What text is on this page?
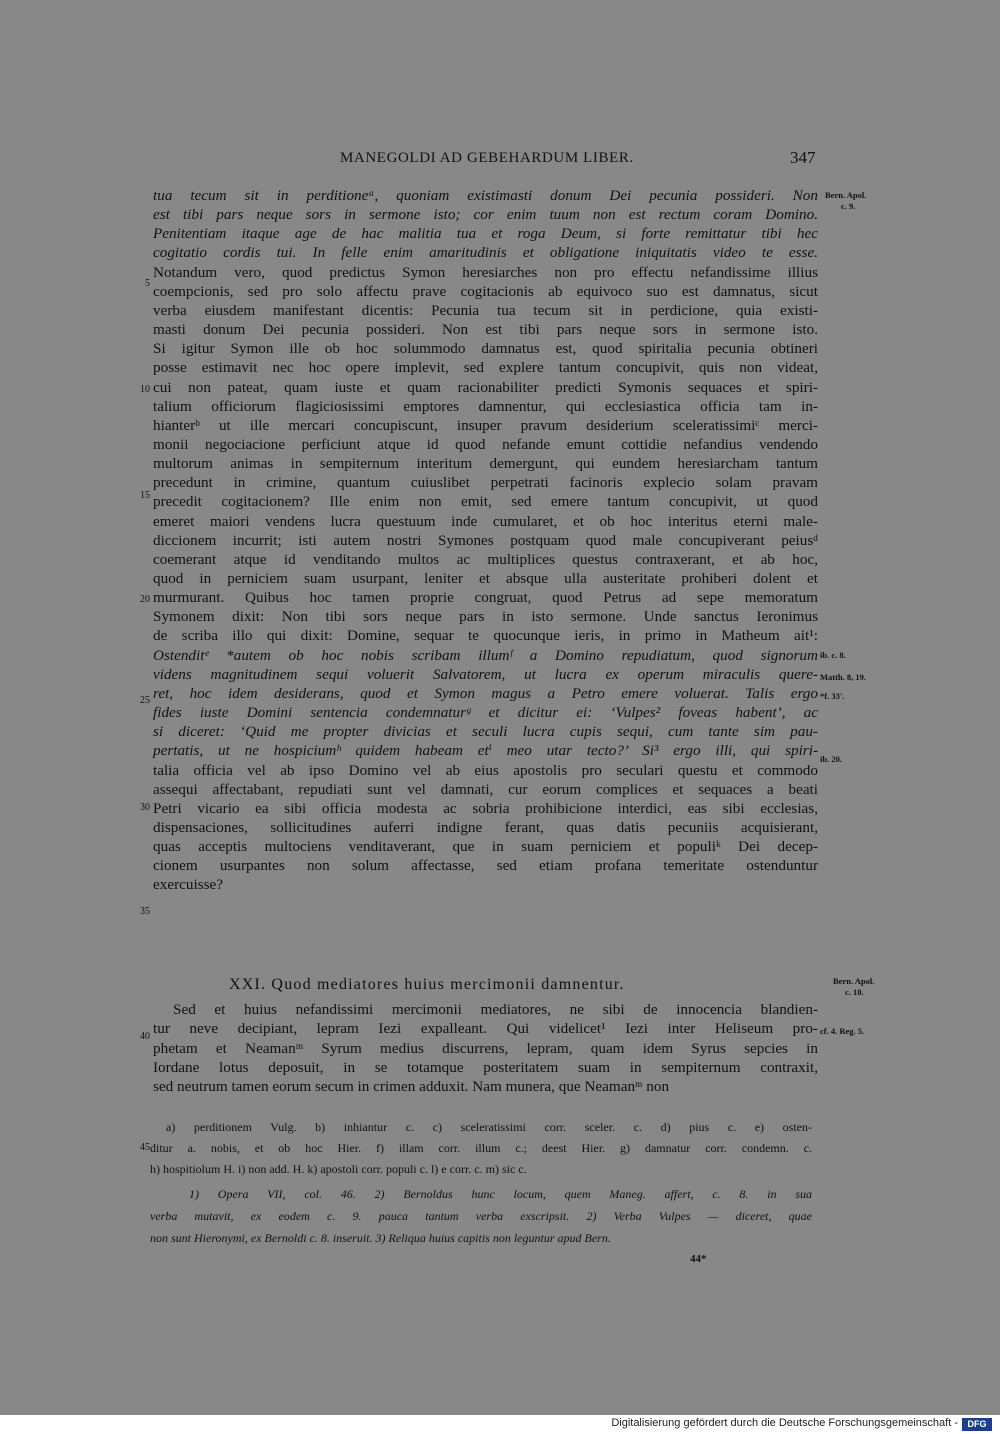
MANEGOLDI AD GEBEHARDUM LIBER.	347
tua tecum sit in perditioneᵃ, quoniam existimasti donum Dei pecunia possideri. Non
est tibi pars neque sors in sermone isto; cor enim tuum non est rectum coram Domino.
Penitentiam itaque age de hac malitia tua et roga Deum, si forte remittatur tibi hec
cogitatio cordis tui. In felle enim amaritudinis et obligatione iniquitatis video te esse.
Notandum vero, quod predictus Symon heresiarches non pro effectu nefandissime illius
coempcionis, sed pro solo affectu prave cogitacionis ab equivoco suo est damnatus, sicut
verba eiusdem manifestant dicentis: Pecunia tua tecum sit in perdicione, quia existi-
masti donum Dei pecunia possideri. Non est tibi pars neque sors in sermone isto.
Si igitur Symon ille ob hoc solummodo damnatus est, quod spiritalia pecunia obtineri
posse estimavit nec hoc opere implevit, sed explere tantum concupivit, quis non videat,
cui non pateat, quam iuste et quam racionabiliter predicti Symonis sequaces et spiri-
talium officiorum flagiciosissimi emptores damnentur, qui ecclesiastica officia tam in-
hianterᵇ ut ille mercari concupiscunt, insuper pravum desiderium sceleratissimiᶜ merci-
monii negociacione perficiunt atque id quod nefande emunt cottidie nefandius vendendo
multorum animas in sempiternum interitum demergunt, qui eundem heresiarcham tantum
precedunt in crimine, quantum cuiuslibet perpetrati facinoris explecio solam pravam
precedit cogitacionem? Ille enim non emit, sed emere tantum concupivit, ut quod
emeret maiori vendens lucra questuum inde cumularet, et ob hoc interitus eterni male-
diccionem incurrit; isti autem nostri Symones postquam quod male concupiverant peiusᵈ
coemerant atque id venditando multos ac multiplices questus contraxerant, et ab hoc,
quod in perniciem suam usurpant, leniter et absque ulla austeritate prohiberi dolent et
murmurant. Quibus hoc tamen proprie congruat, quod Petrus ad sepe memoratum
Symonem dixit: Non tibi sors neque pars in isto sermone. Unde sanctus Ieronimus
de scriba illo qui dixit: Domine, sequar te quocunque ieris, in primo in Matheum ait¹:
Ostenditᵉ *autem ob hoc nobis scribam illumᶠ a Domino repudiatum, quod signorum
videns magnitudinem sequi voluerit Salvatorem, ut lucra ex operum miraculis quere-
ret, hoc idem desiderans, quod et Symon magus a Petro emere voluerat. Talis ergo
fides iuste Domini sentencia condemnaturᵍ et dicitur ei: ‘Vulpes² foveas habent’, ac
si diceret: ‘Quid me propter divicias et seculi lucra cupis sequi, cum tante sim pau-
pertatis, ut ne hospiciumʰ quidem habeam etⁱ meo utar tecto?’ Si³ ergo illi, qui spiri-
talia officia vel ab ipso Domino vel ab eius apostolis pro seculari questu et commodo
assequi affectabant, repudiati sunt vel damnati, cur eorum complices et sequaces a beati
Petri vicario ea sibi officia modesta ac sobria prohibicione interdici, eas sibi ecclesias,
dispensaciones, sollicitudines auferri indigne ferant, quas datis pecuniis acquisierant,
quas acceptis multociens venditaverant, que in suam perniciem et populiᵏ Dei decep-
cionem usurpantes non solum affectasse, sed etiam profana temeritate ostenduntur
exercuisse?
5
10
15
20
25
30
35
40
Bern. Apol.
c. 9.
ib. c. 8.
Matth. 8, 19.
*f. 33'.
ib. 20.
Bern. Apol.
c. 10.
cf. 4. Reg. 5.
XXI. Quod mediatores huius mercimonii damnentur.
Sed et huius nefandissimi mercimonii mediatores, ne sibi de innocencia blandien-
tur neve decipiant, lepram Iezi expalleant. Qui videlicet¹ Iezi inter Heliseum pro-
phetam et Neamanᵐ Syrum medius discurrens, lepram, quam idem Syrus sepcies in
Iordane lotus deposuit, in se totamque posteritatem suam in sempiternum contraxit,
sed neutrum tamen eorum secum in crimen adduxit. Nam munera, que Neamanᵐ non
a) perditionem Vulg. b) inhiantur c. c) sceleratissimi corr. sceler. c. d) pius c. e) osten-
ditur a. nobis, et ob hoc Hier. f) illam corr. illum c.; deest Hier. g) damnatur corr. condemn. c.
h) hospitiolum H. i) non add. H. k) apostoli corr. populi c. l) e corr. c. m) sic c.
45
1) Opera VII, col. 46. 2) Bernoldus hunc locum, quem Maneg. affert, c. 8. in sua
verba mutavit, ex eodem c. 9. pauca tantum verba exscripsit. 2) Verba Vulpes — diceret, quae
non sunt Hieronymi, ex Bernoldi c. 8. inseruit. 3) Reliqua huius capitis non leguntur apud Bern.
44*
Digitalisierung gefördert durch die Deutsche Forschungsgemeinschaft -	DFG
